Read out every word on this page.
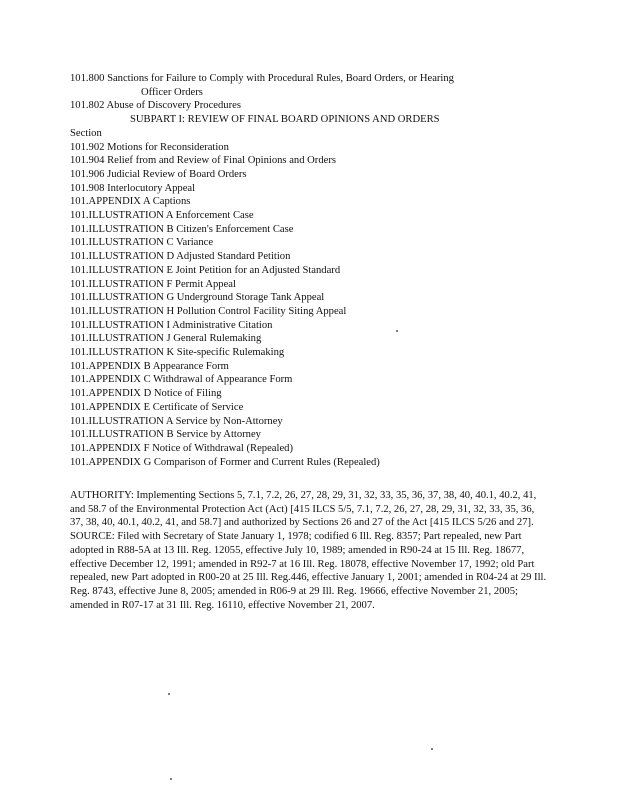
101.800 Sanctions for Failure to Comply with Procedural Rules, Board Orders, or Hearing
Officer Orders
101.802 Abuse of Discovery Procedures
SUBPART I: REVIEW OF FINAL BOARD OPINIONS AND ORDERS
Section
101.902 Motions for Reconsideration
101.904 Relief from and Review of Final Opinions and Orders
101.906 Judicial Review of Board Orders
101.908 Interlocutory Appeal
101.APPENDIX A Captions
101.ILLUSTRATION A Enforcement Case
101.ILLUSTRATION B Citizen's Enforcement Case
101.ILLUSTRATION C Variance
101.ILLUSTRATION D Adjusted Standard Petition
101.ILLUSTRATION E Joint Petition for an Adjusted Standard
101.ILLUSTRATION F Permit Appeal
101.ILLUSTRATION G Underground Storage Tank Appeal
101.ILLUSTRATION H Pollution Control Facility Siting Appeal
101.ILLUSTRATION I Administrative Citation
101.ILLUSTRATION J General Rulemaking
101.ILLUSTRATION K Site-specific Rulemaking
101.APPENDIX B Appearance Form
101.APPENDIX C Withdrawal of Appearance Form
101.APPENDIX D Notice of Filing
101.APPENDIX E Certificate of Service
101.ILLUSTRATION A Service by Non-Attorney
101.ILLUSTRATION B Service by Attorney
101.APPENDIX F Notice of Withdrawal (Repealed)
101.APPENDIX G Comparison of Former and Current Rules (Repealed)

AUTHORITY: Implementing Sections 5, 7.1, 7.2, 26, 27, 28, 29, 31, 32, 33, 35, 36, 37, 38, 40, 40.1, 40.2, 41, and 58.7 of the Environmental Protection Act (Act) [415 ILCS 5/5, 7.1, 7.2, 26, 27, 28, 29, 31, 32, 33, 35, 36, 37, 38, 40, 40.1, 40.2, 41, and 58.7] and authorized by Sections 26 and 27 of the Act [415 ILCS 5/26 and 27].

SOURCE: Filed with Secretary of State January 1, 1978; codified 6 Ill. Reg. 8357; Part repealed, new Part adopted in R88-5A at 13 Ill. Reg. 12055, effective July 10, 1989; amended in R90-24 at 15 Ill. Reg. 18677, effective December 12, 1991; amended in R92-7 at 16 Ill. Reg. 18078, effective November 17, 1992; old Part repealed, new Part adopted in R00-20 at 25 Ill. Reg.446, effective January 1, 2001; amended in R04-24 at 29 Ill. Reg. 8743, effective June 8, 2005; amended in R06-9 at 29 Ill. Reg. 19666, effective November 21, 2005; amended in R07-17 at 31 Ill. Reg. 16110, effective November 21, 2007.
